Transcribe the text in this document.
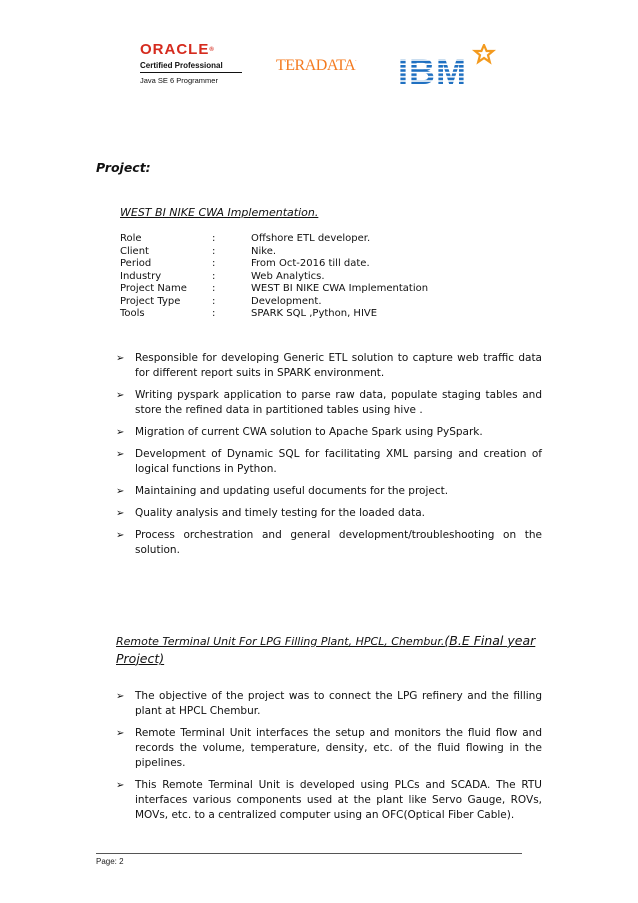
ORACLE®
Certified Professional
Java SE 6 Programmer
TERADATA. IBM
Project:
WEST BI NIKE CWA Implementation.
Role	:	Offshore ETL developer.
Client	:	Nike.
Period	:	From Oct-2016 till date.
Industry	:	Web Analytics.
Project Name	:	WEST BI NIKE CWA Implementation
Project Type	:	Development.
Tools	:	SPARK SQL ,Python, HIVE
➢ Responsible for developing Generic ETL solution to capture web traffic data for different report suits in SPARK environment.
➢ Writing pyspark application to parse raw data, populate staging tables and store the refined data in partitioned tables using hive .
➢ Migration of current CWA solution to Apache Spark using PySpark.
➢ Development of Dynamic SQL for facilitating XML parsing and creation of logical functions in Python.
➢ Maintaining and updating useful documents for the project.
➢ Quality analysis and timely testing for the loaded data.
➢ Process orchestration and general development/troubleshooting on the solution.
Remote Terminal Unit For LPG Filling Plant, HPCL, Chembur.(B.E Final year Project)
➢ The objective of the project was to connect the LPG refinery and the filling plant at HPCL Chembur.
➢ Remote Terminal Unit interfaces the setup and monitors the fluid flow and records the volume, temperature, density, etc. of the fluid flowing in the pipelines.
➢ This Remote Terminal Unit is developed using PLCs and SCADA. The RTU interfaces various components used at the plant like Servo Gauge, ROVs, MOVs, etc. to a centralized computer using an OFC(Optical Fiber Cable).
Page: 2
